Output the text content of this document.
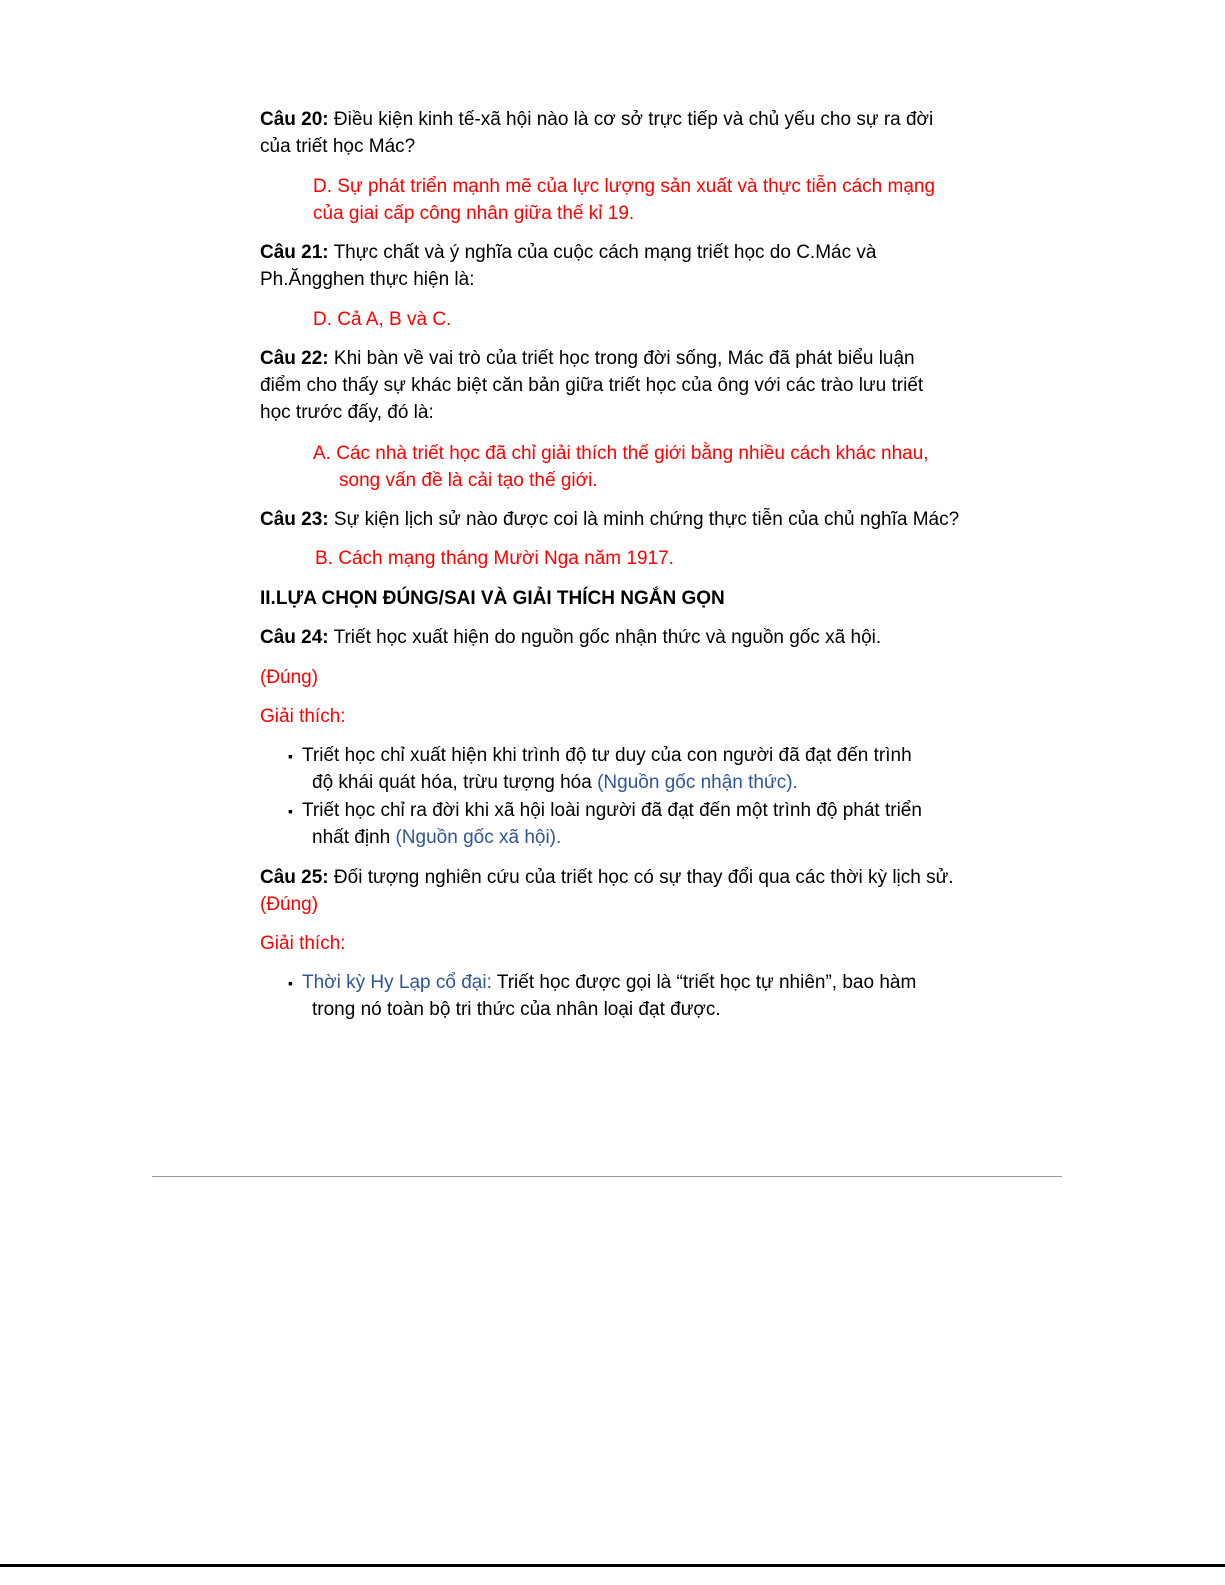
Câu 20: Điều kiện kinh tế-xã hội nào là cơ sở trực tiếp và chủ yếu cho sự ra đời
của triết học Mác?
D. Sự phát triển mạnh mẽ của lực lượng sản xuất và thực tiễn cách mạng
của giai cấp công nhân giữa thế kỉ 19.
Câu 21: Thực chất và ý nghĩa của cuộc cách mạng triết học do C.Mác và
Ph.Ăngghen thực hiện là:
D. Cả A, B và C.
Câu 22: Khi bàn về vai trò của triết học trong đời sống, Mác đã phát biểu luận
điểm cho thấy sự khác biệt căn bản giữa triết học của ông với các trào lưu triết
học trước đấy, đó là:
A. Các nhà triết học đã chỉ giải thích thế giới bằng nhiều cách khác nhau,
song vấn đề là cải tạo thế giới.
Câu 23: Sự kiện lịch sử nào được coi là minh chứng thực tiễn của chủ nghĩa Mác?
B. Cách mạng tháng Mười Nga năm 1917.
II.LỰA CHỌN ĐÚNG/SAI VÀ GIẢI THÍCH NGẮN GỌN
Câu 24: Triết học xuất hiện do nguồn gốc nhận thức và nguồn gốc xã hội.
(Đúng)
Giải thích:
▪ Triết học chỉ xuất hiện khi trình độ tư duy của con người đã đạt đến trình
độ khái quát hóa, trừu tượng hóa (Nguồn gốc nhận thức).
▪ Triết học chỉ ra đời khi xã hội loài người đã đạt đến một trình độ phát triển
nhất định (Nguồn gốc xã hội).
Câu 25: Đối tượng nghiên cứu của triết học có sự thay đổi qua các thời kỳ lịch sử.
(Đúng)
Giải thích:
▪ Thời kỳ Hy Lạp cổ đại: Triết học được gọi là “triết học tự nhiên”, bao hàm
trong nó toàn bộ tri thức của nhân loại đạt được.
